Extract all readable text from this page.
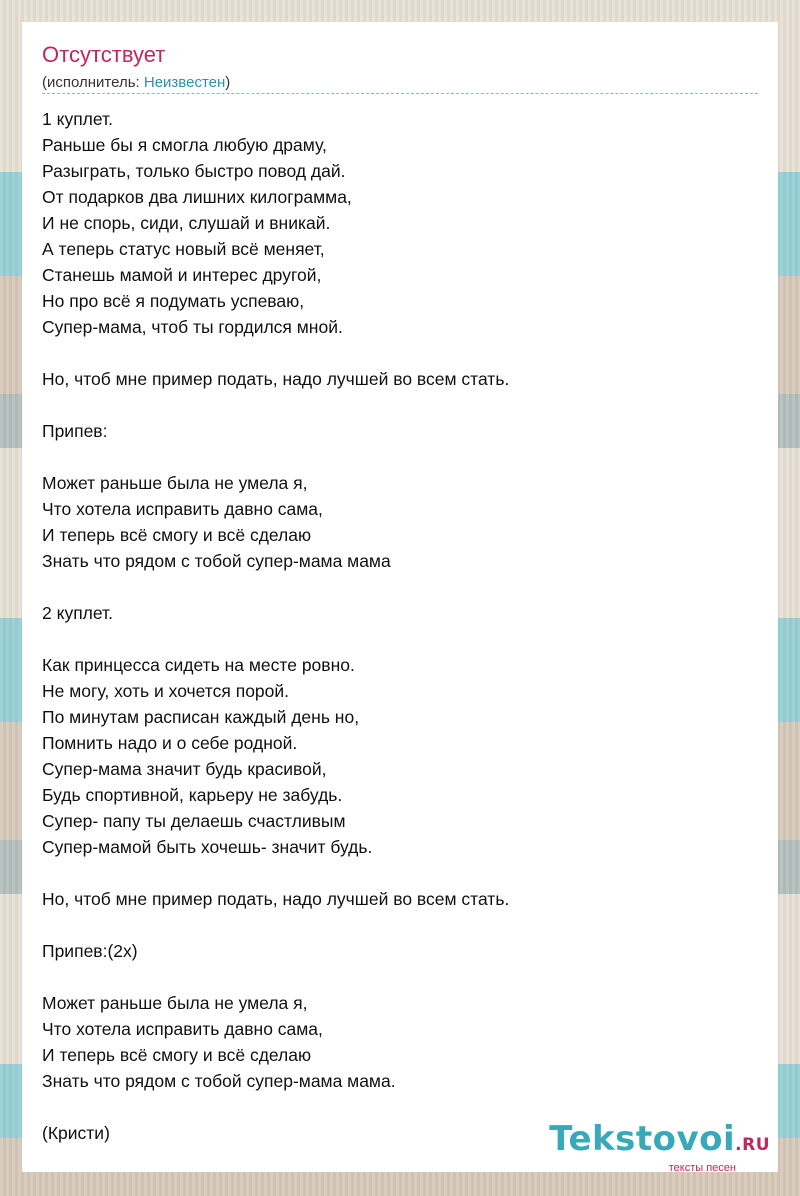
Отсутствует
(исполнитель: Неизвестен)
1 куплет.
Раньше бы я смогла любую драму,
Разыграть, только быстро повод дай.
От подарков два лишних килограмма,
И не спорь, сиди, слушай и вникай.
А теперь статус новый всё меняет,
Станешь мамой и интерес другой,
Но про всё я подумать успеваю,
Супер-мама, чтоб ты гордился мной.
Но, чтоб мне пример подать, надо лучшей во всем стать.
Припев:
Может раньше была не умела я,
Что хотела исправить давно сама,
И теперь всё смогу и всё сделаю
Знать что рядом с тобой супер-мама мама
2 куплет.
Как принцесса сидеть на месте ровно.
Не могу, хоть и хочется порой.
По минутам расписан каждый день но,
Помнить надо и о себе родной.
Супер-мама значит будь красивой,
Будь спортивной, карьеру не забудь.
Супер- папу ты делаешь счастливым
Супер-мамой быть хочешь- значит будь.
Но, чтоб мне пример подать, надо лучшей во всем стать.
Припев:(2х)
Может раньше была не умела я,
Что хотела исправить давно сама,
И теперь всё смогу и всё сделаю
Знать что рядом с тобой супер-мама мама.
(Кристи)	Tekstovoi.RU
тексты песен
